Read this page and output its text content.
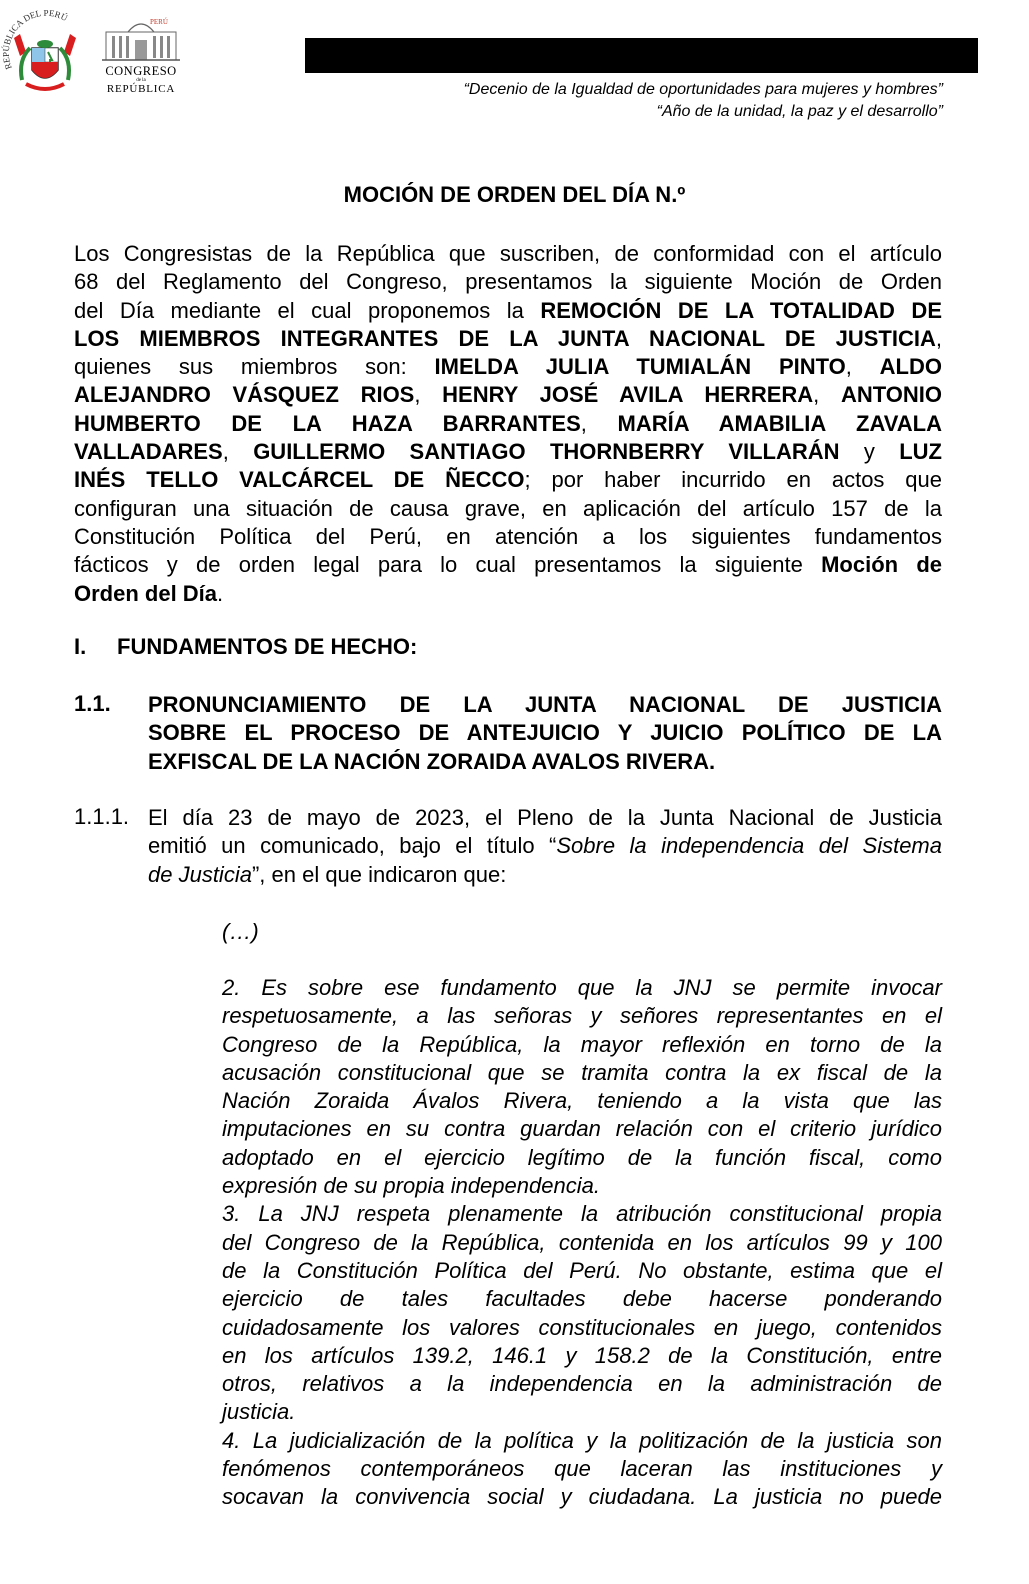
REPÚBLICA DEL PERÚ	PERÚ
CONGRESO
de la
REPÚBLICA	“Decenio de la Igualdad de oportunidades para mujeres y hombres”
“Año de la unidad, la paz y el desarrollo”
MOCIÓN DE ORDEN DEL DÍA N.º
Los Congresistas de la República que suscriben, de conformidad con el artículo
68 del Reglamento del Congreso, presentamos la siguiente Moción de Orden
del Día mediante el cual proponemos la REMOCIÓN DE LA TOTALIDAD DE
LOS MIEMBROS INTEGRANTES DE LA JUNTA NACIONAL DE JUSTICIA,
quienes sus miembros son: IMELDA JULIA TUMIALÁN PINTO, ALDO
ALEJANDRO VÁSQUEZ RIOS, HENRY JOSÉ AVILA HERRERA, ANTONIO
HUMBERTO DE LA HAZA BARRANTES, MARÍA AMABILIA ZAVALA
VALLADARES, GUILLERMO SANTIAGO THORNBERRY VILLARÁN y LUZ
INÉS TELLO VALCÁRCEL DE ÑECCO; por haber incurrido en actos que
configuran una situación de causa grave, en aplicación del artículo 157 de la
Constitución Política del Perú, en atención a los siguientes fundamentos
fácticos y de orden legal para lo cual presentamos la siguiente Moción de
Orden del Día.
I. FUNDAMENTOS DE HECHO:
1.1. PRONUNCIAMIENTO DE LA JUNTA NACIONAL DE JUSTICIA
SOBRE EL PROCESO DE ANTEJUICIO Y JUICIO POLÍTICO DE LA
EXFISCAL DE LA NACIÓN ZORAIDA AVALOS RIVERA.
1.1.1. El día 23 de mayo de 2023, el Pleno de la Junta Nacional de Justicia
emitió un comunicado, bajo el título “Sobre la independencia del Sistema
de Justicia”, en el que indicaron que:
(…)
2. Es sobre ese fundamento que la JNJ se permite invocar
respetuosamente, a las señoras y señores representantes en el
Congreso de la República, la mayor reflexión en torno de la
acusación constitucional que se tramita contra la ex fiscal de la
Nación Zoraida Ávalos Rivera, teniendo a la vista que las
imputaciones en su contra guardan relación con el criterio jurídico
adoptado en el ejercicio legítimo de la función fiscal, como
expresión de su propia independencia.
3. La JNJ respeta plenamente la atribución constitucional propia
del Congreso de la República, contenida en los artículos 99 y 100
de la Constitución Política del Perú. No obstante, estima que el
ejercicio de tales facultades debe hacerse ponderando
cuidadosamente los valores constitucionales en juego, contenidos
en los artículos 139.2, 146.1 y 158.2 de la Constitución, entre
otros, relativos a la independencia en la administración de
justicia.
4. La judicialización de la política y la politización de la justicia son
fenómenos contemporáneos que laceran las instituciones y
socavan la convivencia social y ciudadana. La justicia no puede
